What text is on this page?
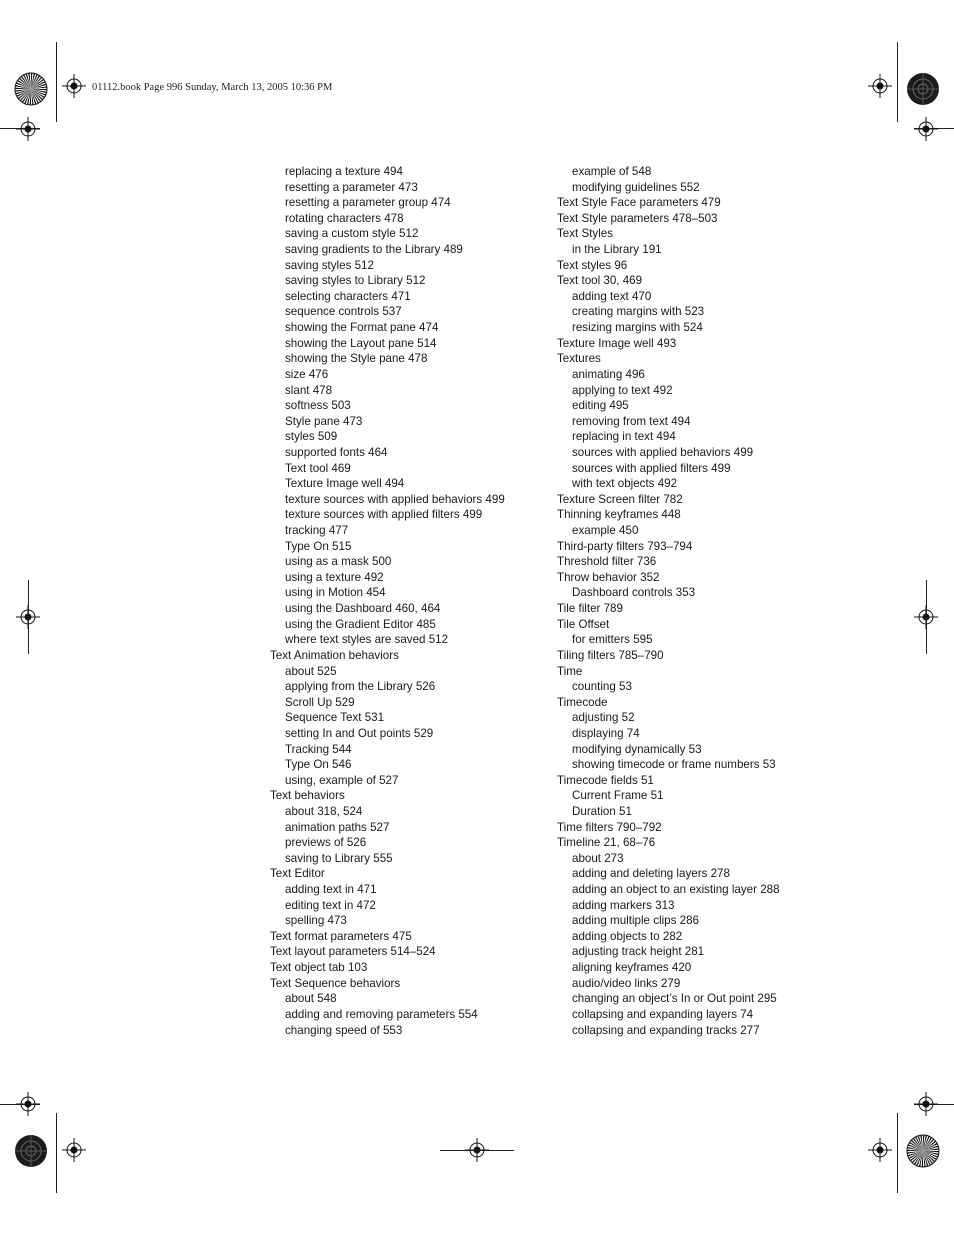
01112.book Page 996 Sunday, March 13, 2005 10:36 PM
replacing a texture 494
resetting a parameter 473
resetting a parameter group 474
rotating characters 478
saving a custom style 512
saving gradients to the Library 489
saving styles 512
saving styles to Library 512
selecting characters 471
sequence controls 537
showing the Format pane 474
showing the Layout pane 514
showing the Style pane 478
size 476
slant 478
softness 503
Style pane 473
styles 509
supported fonts 464
Text tool 469
Texture Image well 494
texture sources with applied behaviors 499
texture sources with applied filters 499
tracking 477
Type On 515
using as a mask 500
using a texture 492
using in Motion 454
using the Dashboard 460, 464
using the Gradient Editor 485
where text styles are saved 512
Text Animation behaviors
about 525
applying from the Library 526
Scroll Up 529
Sequence Text 531
setting In and Out points 529
Tracking 544
Type On 546
using, example of 527
Text behaviors
about 318, 524
animation paths 527
previews of 526
saving to Library 555
Text Editor
adding text in 471
editing text in 472
spelling 473
Text format parameters 475
Text layout parameters 514–524
Text object tab 103
Text Sequence behaviors
about 548
adding and removing parameters 554
changing speed of 553
example of 548
modifying guidelines 552
Text Style Face parameters 479
Text Style parameters 478–503
Text Styles
in the Library 191
Text styles 96
Text tool 30, 469
adding text 470
creating margins with 523
resizing margins with 524
Texture Image well 493
Textures
animating 496
applying to text 492
editing 495
removing from text 494
replacing in text 494
sources with applied behaviors 499
sources with applied filters 499
with text objects 492
Texture Screen filter 782
Thinning keyframes 448
example 450
Third-party filters 793–794
Threshold filter 736
Throw behavior 352
Dashboard controls 353
Tile filter 789
Tile Offset
for emitters 595
Tiling filters 785–790
Time
counting 53
Timecode
adjusting 52
displaying 74
modifying dynamically 53
showing timecode or frame numbers 53
Timecode fields 51
Current Frame 51
Duration 51
Time filters 790–792
Timeline 21, 68–76
about 273
adding and deleting layers 278
adding an object to an existing layer 288
adding markers 313
adding multiple clips 286
adding objects to 282
adjusting track height 281
aligning keyframes 420
audio/video links 279
changing an object’s In or Out point 295
collapsing and expanding layers 74
collapsing and expanding tracks 277
